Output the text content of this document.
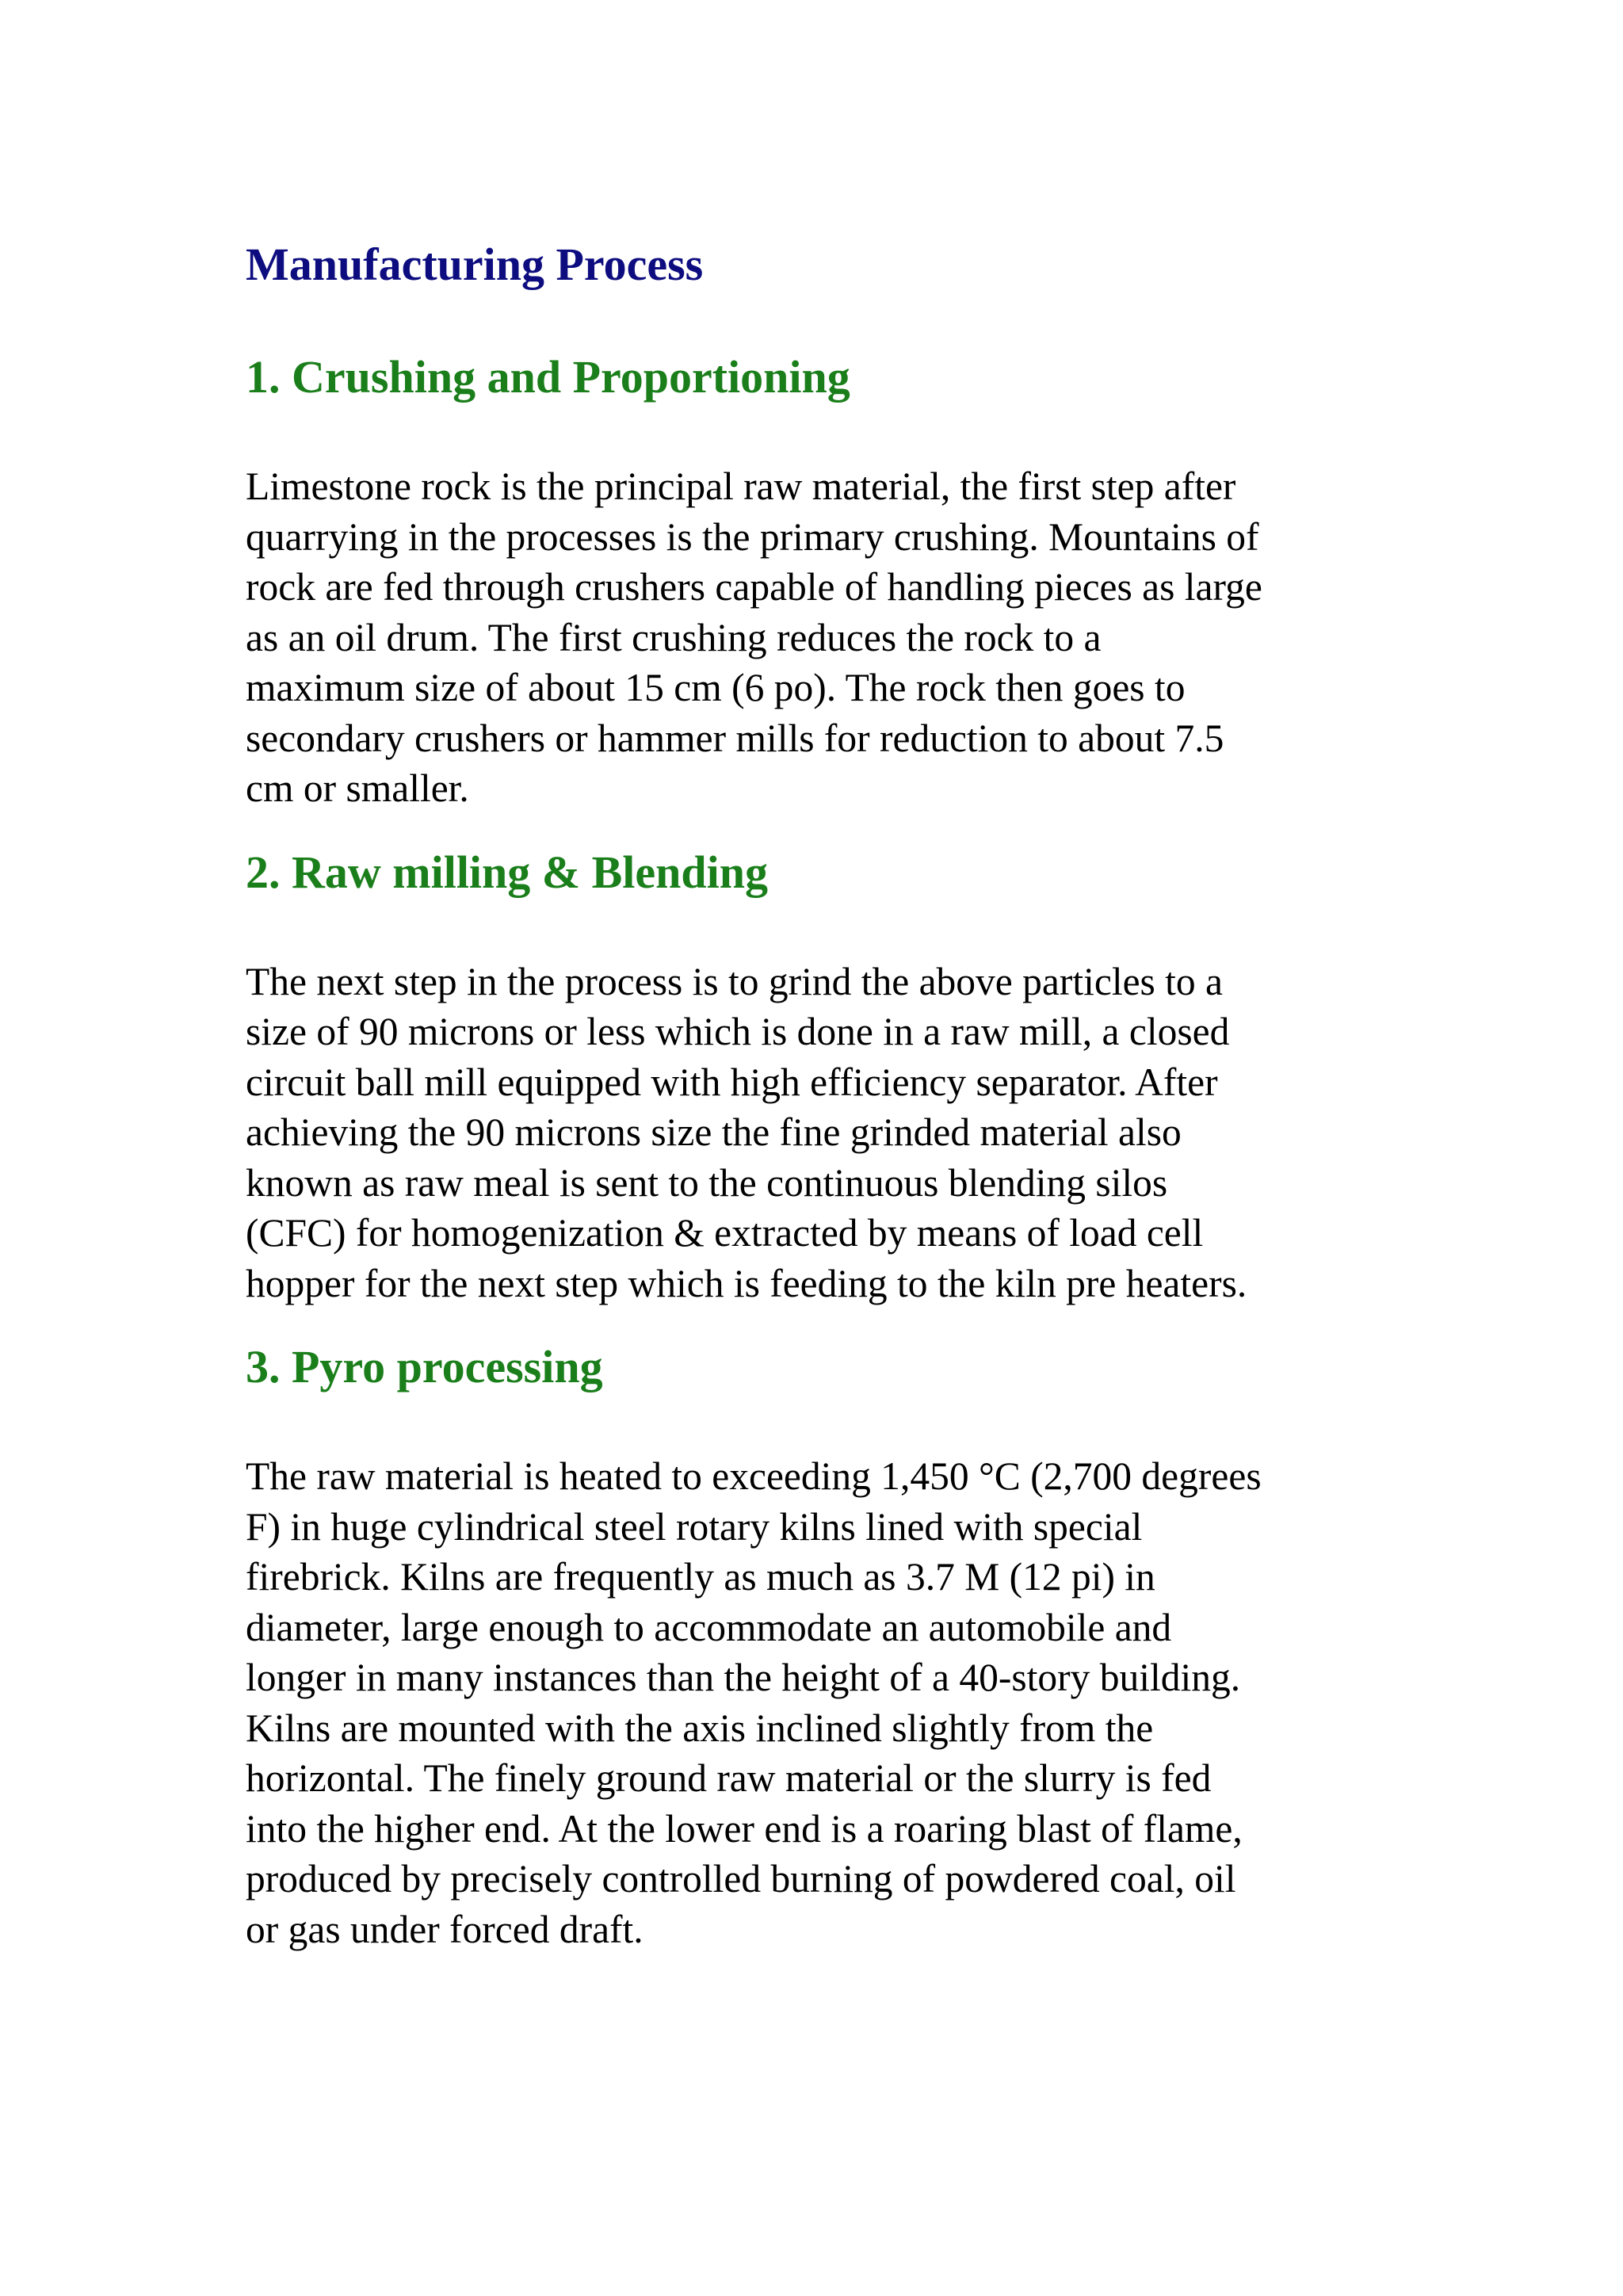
Manufacturing Process
1. Crushing and Proportioning
Limestone rock is the principal raw material, the first step after
quarrying in the processes is the primary crushing. Mountains of
rock are fed through crushers capable of handling pieces as large
as an oil drum. The first crushing reduces the rock to a
maximum size of about 15 cm (6 po). The rock then goes to
secondary crushers or hammer mills for reduction to about 7.5
cm or smaller.
2. Raw milling & Blending
The next step in the process is to grind the above particles to a
size of 90 microns or less which is done in a raw mill, a closed
circuit ball mill equipped with high efficiency separator. After
achieving the 90 microns size the fine grinded material also
known as raw meal is sent to the continuous blending silos
(CFC) for homogenization & extracted by means of load cell
hopper for the next step which is feeding to the kiln pre heaters.
3. Pyro processing
The raw material is heated to exceeding 1,450 °C (2,700 degrees
F) in huge cylindrical steel rotary kilns lined with special
firebrick. Kilns are frequently as much as 3.7 M (12 pi) in
diameter, large enough to accommodate an automobile and
longer in many instances than the height of a 40-story building.
Kilns are mounted with the axis inclined slightly from the
horizontal. The finely ground raw material or the slurry is fed
into the higher end. At the lower end is a roaring blast of flame,
produced by precisely controlled burning of powdered coal, oil
or gas under forced draft.
